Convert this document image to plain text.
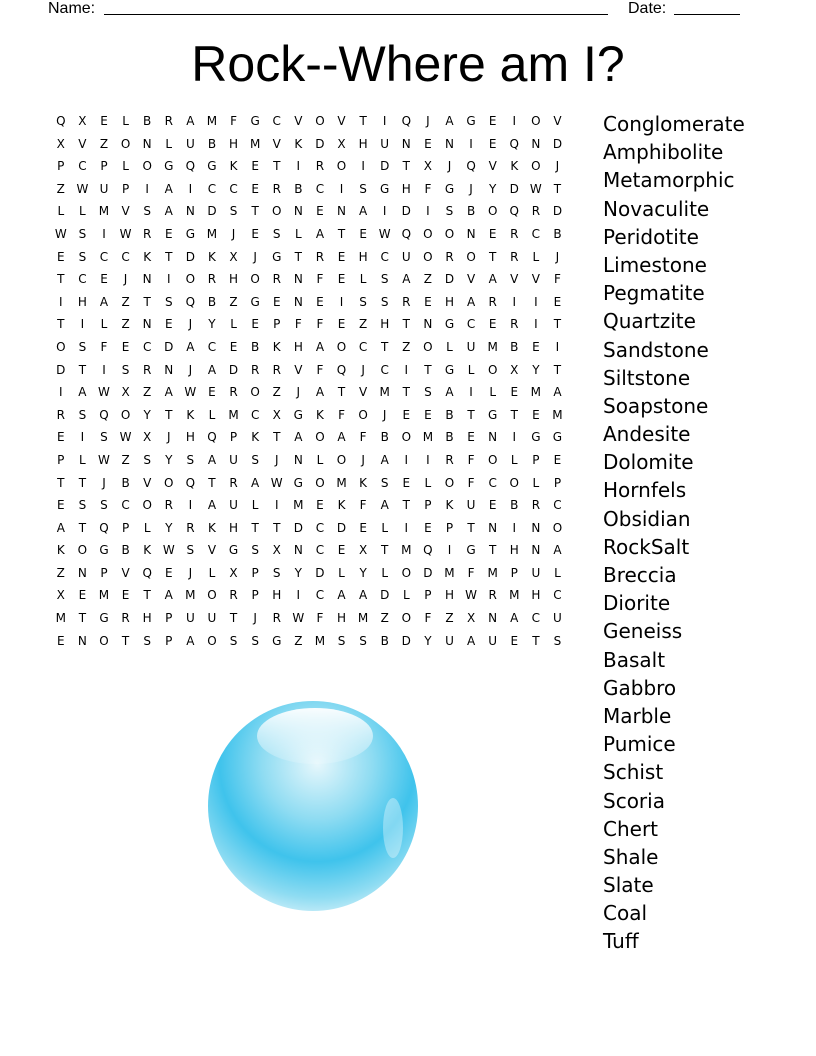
Name:	Date:
Rock--Where am I?
Q	X	E	L	B	R	A	M	F	G	C	V	O	V	T	I	Q	J	A	G	E	I	O	V
X	V	Z	O	N	L	U	B	H M	V	K	D	X	H	U	N	E	N	I	E	Q	N	D
P	C	P	L	O	G	Q	G	K	E	T	I	R	O	I	D	T	X	J	Q	V	K	O	J
Z W U	P	I	A	I	C	C	E	R	B	C	I	S	G	H	F	G	J	Y	D W T
L	L	M	V	S	A	N	D	S	T	O	N	E	N	A	I	D	I	S	B	O	Q	R	D
W S	I	W R	E	G M	J	E	S	L	A	T	E W Q	O	O	N	E	R	C	B
E	S	C	C	K	T	D	K	X	J	G	T	R	E	H	C	U	O	R	O	T	R	L	J
T	C	E	J	N	I	O	R	H	O	R	N	F	E	L	S	A	Z	D	V	A	V	V	F
I	H	A	Z	T	S	Q	B	Z	G	E	N	E	I	S	S	R	E	H	A	R	I	I	E
T	I	L	Z	N	E	J	Y	L	E	P	F	F	E	Z	H	T	N	G	C	E	R	I	T
O	S	F	E	C	D	A	C	E	B	K	H	A	O	C	T	Z	O	L	U	M	B	E	I
D	T	I	S	R	N	J	A	D	R	R	V	F	Q	J	C	I	T	G	L	O	X	Y	T
I	A W X	Z	A W E	R	O	Z	J	A	T	V	M	T	S	A	I	L	E	M	A
R	S	Q	O	Y	T	K	L	M	C	X	G	K	F	O	J	E	E	B	T	G	T	E	M
E	I	S W X	J	H	Q	P	K	T	A	O	A	F	B	O M	B	E	N	I	G	G
P	L	W Z	S	Y	S	A	U	S	J	N	L	O	J	A	I	I	R	F	O	L	P	E
T	T	J	B	V	O	Q	T	R	A W G	O M	K	S	E	L	O	F	C	O	L	P
E	S	S	C	O	R	I	A	U	L	I	M	E	K	F	A	T	P	K	U	E	B	R	C
A	T	Q	P	L	Y	R	K	H	T	T	D	C	D	E	L	I	E	P	T	N	I	N	O
K	O	G	B	K W S	V	G	S	X	N	C	E	X	T	M Q	I	G	T	H	N	A
Z	N	P	V	Q	E	J	L	X	P	S	Y	D	L	Y	L	O	D M	F	M	P	U	L
X	E	M	E	T	A	M O	R	P	H	I	C	A	A	D	L	P	H W R	M H	C
M	T	G	R	H	P	U	U	T	J	R W	F	H M	Z	O	F	Z	X	N	A	C	U
E	N	O	T	S	P	A	O	S	S	G	Z	M	S	S	B	D	Y	U	A	U	E	T	S
Conglomerate
Amphibolite
Metamorphic
Novaculite
Peridotite
Limestone
Pegmatite
Quartzite
Sandstone
Siltstone
Soapstone
Andesite
Dolomite
Hornfels
Obsidian
RockSalt
Breccia
Diorite
Geneiss
Basalt
Gabbro
Marble
Pumice
Schist
Scoria
Chert
Shale
Slate
Coal
Tuff
